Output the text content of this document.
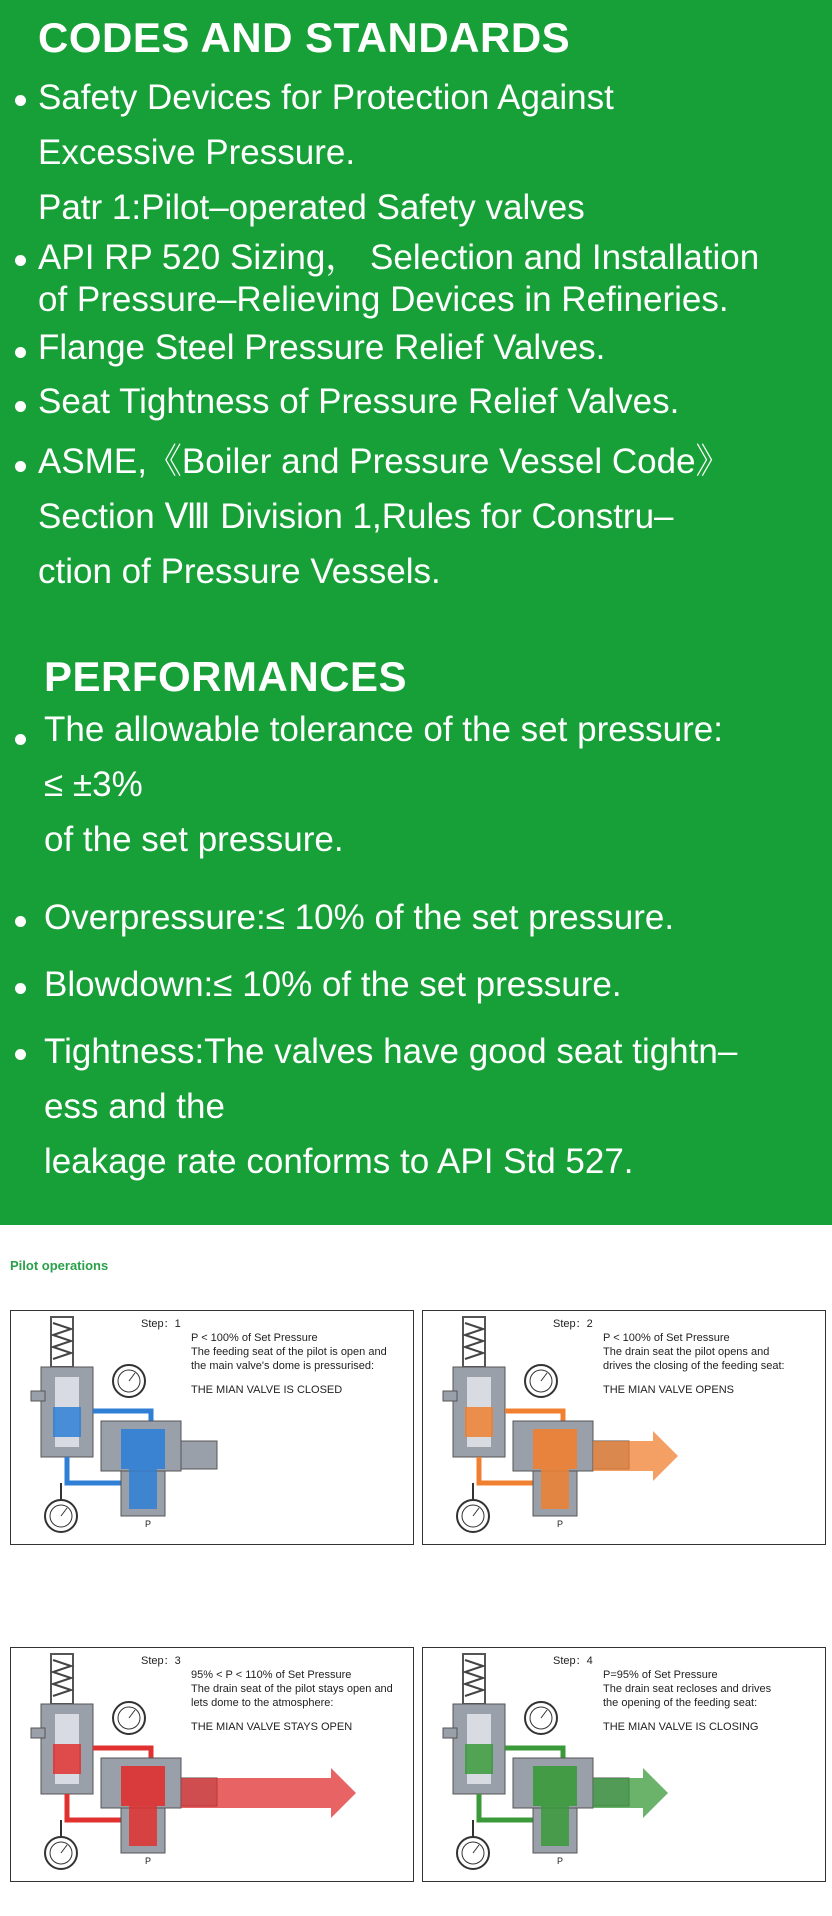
CODES AND STANDARDS
Safety Devices for Protection Against
Excessive Pressure.
Patr 1:Pilot–operated Safety valves
API RP 520 Sizing， Selection and Installation
of Pressure–Relieving Devices in Refineries.
Flange Steel Pressure Relief Valves.
Seat Tightness of Pressure Relief Valves.
ASME,《Boiler and Pressure Vessel Code》
Section Ⅷ Division 1,Rules for Constru–
ction of Pressure Vessels.
PERFORMANCES
The allowable tolerance of the set pressure:
≤ ±3%
of the set pressure.
Overpressure:≤ 10% of the set pressure.
Blowdown:≤ 10% of the set pressure.
Tightness:The valves have good seat tightn–
ess and the
leakage rate conforms to API Std 527.
Pilot operations
Step：1
P < 100% of Set Pressure
The feeding seat of the pilot is open and
the main valve's dome is pressurised:
THE MIAN VALVE IS CLOSED
P
Step：2
P < 100% of Set Pressure
The drain seat the pilot opens and
drives the closing of the feeding seat:
THE MIAN VALVE OPENS
P
Step：3
95% < P < 110% of Set Pressure
The drain seat of the pilot stays open and
lets dome to the atmosphere:
THE MIAN VALVE STAYS OPEN
P
Step：4
P=95% of Set Pressure
The drain seat recloses and drives
the opening of the feeding seat:
THE MIAN VALVE IS CLOSING
P
